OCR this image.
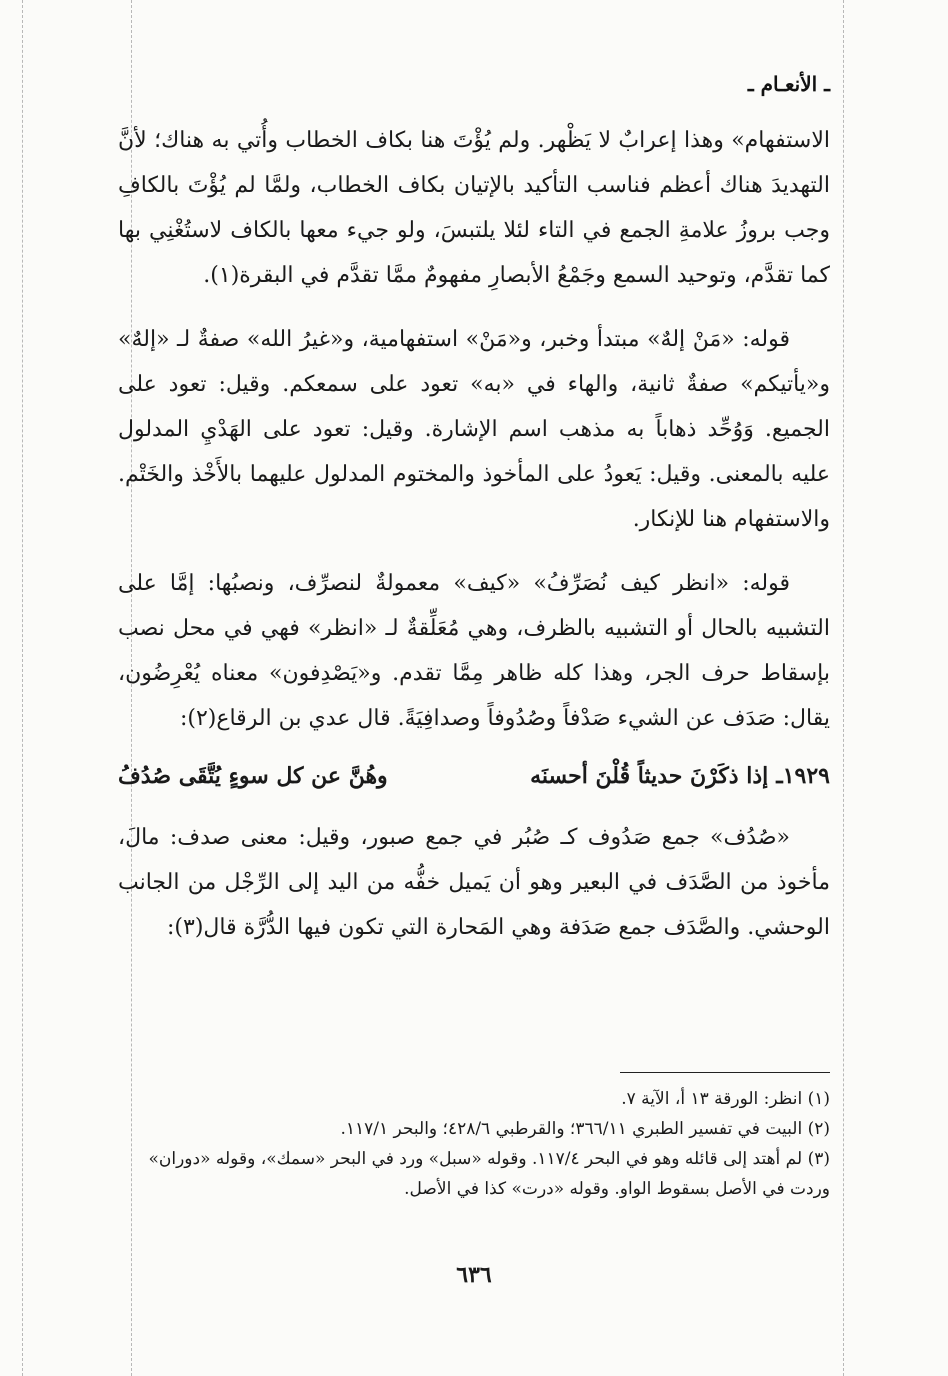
ـ الأنعـام ـ

الاستفهام» وهذا إعرابٌ لا يَظْهر. ولم يُؤْتَ هنا بكاف الخطاب وأُتي به هناك؛ لأنَّ التهديدَ هناك أعظم فناسب التأكيد بالإتيان بكاف الخطاب، ولمَّا لم يُؤْتَ بالكافِ وجب بروزُ علامةِ الجمع في التاء لئلا يلتبسَ، ولو جيء معها بالكاف لاستُغْنِي بها كما تقدَّم، وتوحيد السمع وجَمْعُ الأبصارِ مفهومٌ ممَّا تقدَّم في البقرة(١).

قوله: «مَنْ إلهٌ» مبتدأ وخبر، و«مَنْ» استفهامية، و«غيرُ الله» صفةٌ لـ «إلهٌ» و«يأتيكم» صفةٌ ثانية، والهاء في «به» تعود على سمعكم. وقيل: تعود على الجميع. وَوُحِّد ذهاباً به مذهب اسم الإشارة. وقيل: تعود على الهَدْيِ المدلول عليه بالمعنى. وقيل: يَعودُ على المأخوذ والمختوم المدلول عليهما بالأَخْذ والخَتْم. والاستفهام هنا للإنكار.

قوله: «انظر كيف نُصَرِّفُ» «كيف» معمولةٌ لنصرِّف، ونصبُها: إمَّا على التشبيه بالحال أو التشبيه بالظرف، وهي مُعَلِّقةٌ لـ «انظر» فهي في محل نصب بإسقاط حرف الجر، وهذا كله ظاهر مِمَّا تقدم. و«يَصْدِفون» معناه يُعْرِضُون، يقال: صَدَف عن الشيء صَدْفاً وصُدُوفاً وصدافِيَةً. قال عدي بن الرقاع(٢):

١٩٢٩ـ
إذا ذكَرْنَ حديثاً قُلْنَ أحسنَه
وهُنَّ عن كل سوءٍ يُتَّقَى صُدُفُ

«صُدُف» جمع صَدُوف كـ صُبُر في جمع صبور، وقيل: معنى صدف: مالَ، مأخوذ من الصَّدَف في البعير وهو أن يَميل خفُّه من اليد إلى الرِّجْل من الجانب الوحشي. والصَّدَف جمع صَدَفة وهي المَحارة التي تكون فيها الدُّرَّة قال(٣):

(١) انظر: الورقة ١٣ أ، الآية ٧.

(٢) البيت في تفسير الطبري ٣٦٦/١١؛ والقرطبي ٤٢٨/٦؛ والبحر ١١٧/١.

(٣) لم أهتد إلى قائله وهو في البحر ١١٧/٤. وقوله «سبل» ورد في البحر «سمك»، وقوله «دوران» وردت في الأصل بسقوط الواو. وقوله «درت» كذا في الأصل.

٦٣٦
